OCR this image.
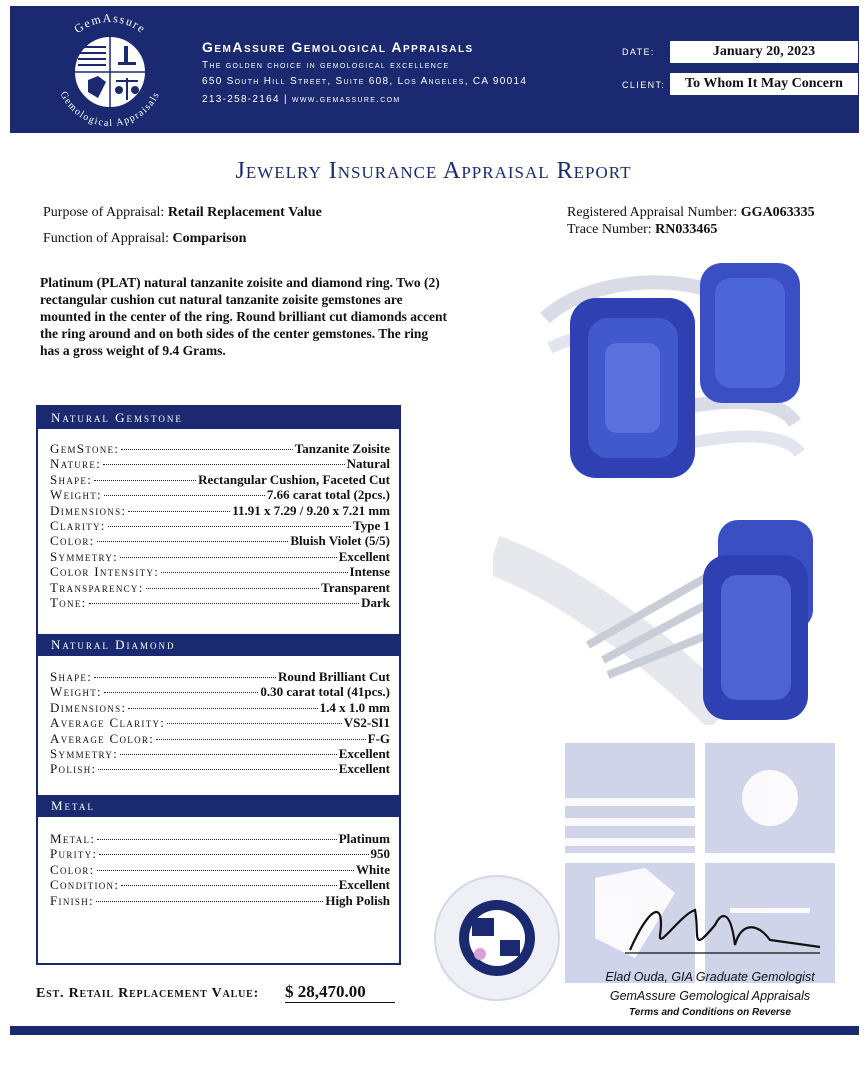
GemAssure
Gemological Appraisals
GemAssure Gemological Appraisals
The golden choice in gemological excellence
650 South Hill Street, Suite 608, Los Angeles, CA 90014
213-258-2164 | www.gemassure.com
DATE:	January 20, 2023
CLIENT:	To Whom It May Concern
Jewelry Insurance Appraisal Report
Purpose of Appraisal: Retail Replacement Value
Function of Appraisal: Comparison
Registered Appraisal Number: GGA063335
Trace Number: RN033465
Platinum (PLAT) natural tanzanite zoisite and diamond ring. Two (2) rectangular cushion cut natural tanzanite zoisite gemstones are mounted in the center of the ring. Round brilliant cut diamonds accent the ring around and on both sides of the center gemstones. The ring has a gross weight of 9.4 Grams.
Natural Gemstone
GemStone:	Tanzanite Zoisite
Nature:	Natural
Shape:	Rectangular Cushion, Faceted Cut
Weight:	7.66 carat total (2pcs.)
Dimensions:	11.91 x 7.29 / 9.20 x 7.21 mm
Clarity:	Type 1
Color:	Bluish Violet (5/5)
Symmetry:	Excellent
Color Intensity:	Intense
Transparency:	Transparent
Tone:	Dark
Natural Diamond
Shape:	Round Brilliant Cut
Weight:	0.30 carat total (41pcs.)
Dimensions:	1.4 x 1.0 mm
Average Clarity:	VS2-SI1
Average Color:	F-G
Symmetry:	Excellent
Polish:	Excellent
Metal
Metal:	Platinum
Purity:	950
Color:	White
Condition:	Excellent
Finish:	High Polish
Est. Retail Replacement Value: $ 28,470.00
Elad Ouda, GIA Graduate Gemologist
GemAssure Gemological Appraisals
Terms and Conditions on Reverse
